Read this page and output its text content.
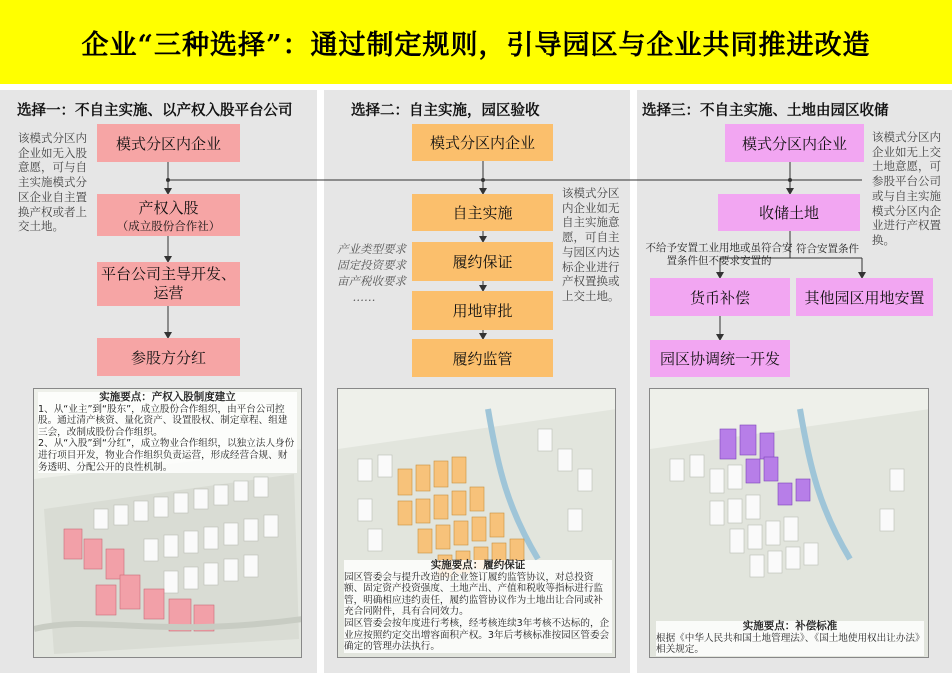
企业“三种选择”：通过制定规则，引导园区与企业共同推进改造
选择一：不自主实施、以产权入股平台公司	选择二：自主实施，园区验收	选择三：不自主实施、土地由园区收储
该模式分区内企业如无入股意愿，可与自主实施模式分区企业自主置换产权或者上交土地。
模式分区内企业
产权入股
（成立股份合作社）
平台公司主导开发、运营
参股方分红
产业类型要求
固定投资要求
亩产税收要求
……
该模式分区内企业如无自主实施意愿，可自主与园区内达标企业进行产权置换或上交土地。
模式分区内企业
自主实施
履约保证
用地审批
履约监管
该模式分区内企业如无上交土地意愿，可参股平台公司或与自主实施模式分区内企业进行产权置换。
不给予安置工业用地或虽符合安置条件但不要求安置的
符合安置条件
模式分区内企业
收储土地
货币补偿	其他园区用地安置
园区协调统一开发
实施要点：产权入股制度建立
1、从“业主”到“股东”，成立股份合作组织，由平台公司控股。通过清产核资、量化资产、设置股权、制定章程、组建三会，改制成股份合作组织。
2、从“入股”到“分红”，成立物业合作组织，以独立法人身份进行项目开发，物业合作组织负责运营，形成经营合规、财务透明、分配公开的良性机制。
实施要点：履约保证
园区管委会与提升改造的企业签订履约监管协议，对总投资额、固定资产投资强度、土地产出、产值和税收等指标进行监管，明确相应违约责任，履约监管协议作为土地出让合同或补充合同附件，具有合同效力。
园区管委会按年度进行考核，经考核连续3年考核不达标的，企业应按照约定交出增容面积产权。3年后考核标准按园区管委会确定的管理办法执行。
实施要点：补偿标准
根据《中华人民共和国土地管理法》、《国土地使用权出让办法》相关规定。
